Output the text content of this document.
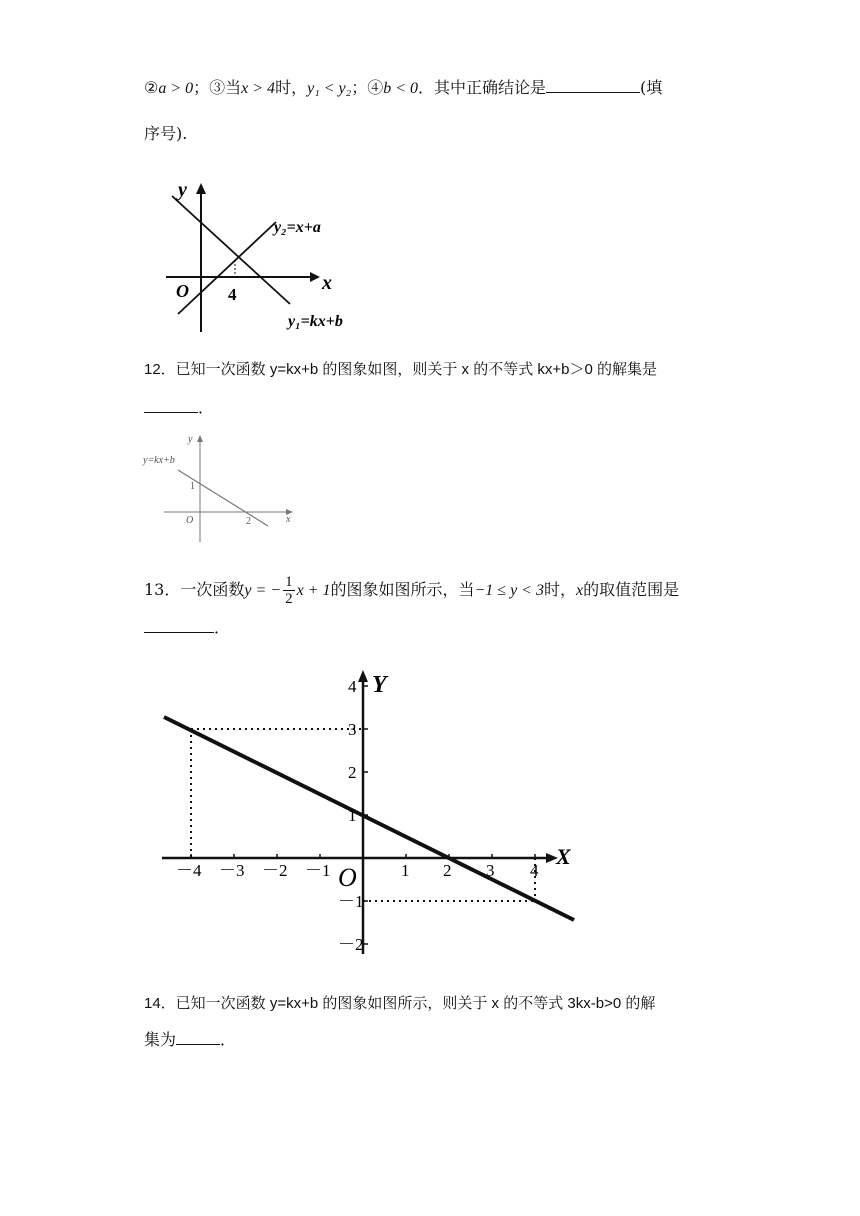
②a > 0；③当x > 4时，y₁ < y₂；④b < 0．其中正确结论是	(填
序号).
y
x
O 4
y₂=x+a
y₁=kx+b
12．已知一次函数 y=kx+b 的图象如图，则关于 x 的不等式 kx+b＞0 的解集是
．
y
x
O
1
2
y=kx+b
13．一次函数y = − $\frac{1}{2}$ x + 1的图象如图所示，当−1 ≤ y < 3时，x的取值范围是
．
Y
X
O
－4 －3 －2 －1	1 2 3 4
4
3
2
1
－1
－2
14．已知一次函数 y=kx+b 的图象如图所示，则关于 x 的不等式 3kx-b>0 的解
集为	．
